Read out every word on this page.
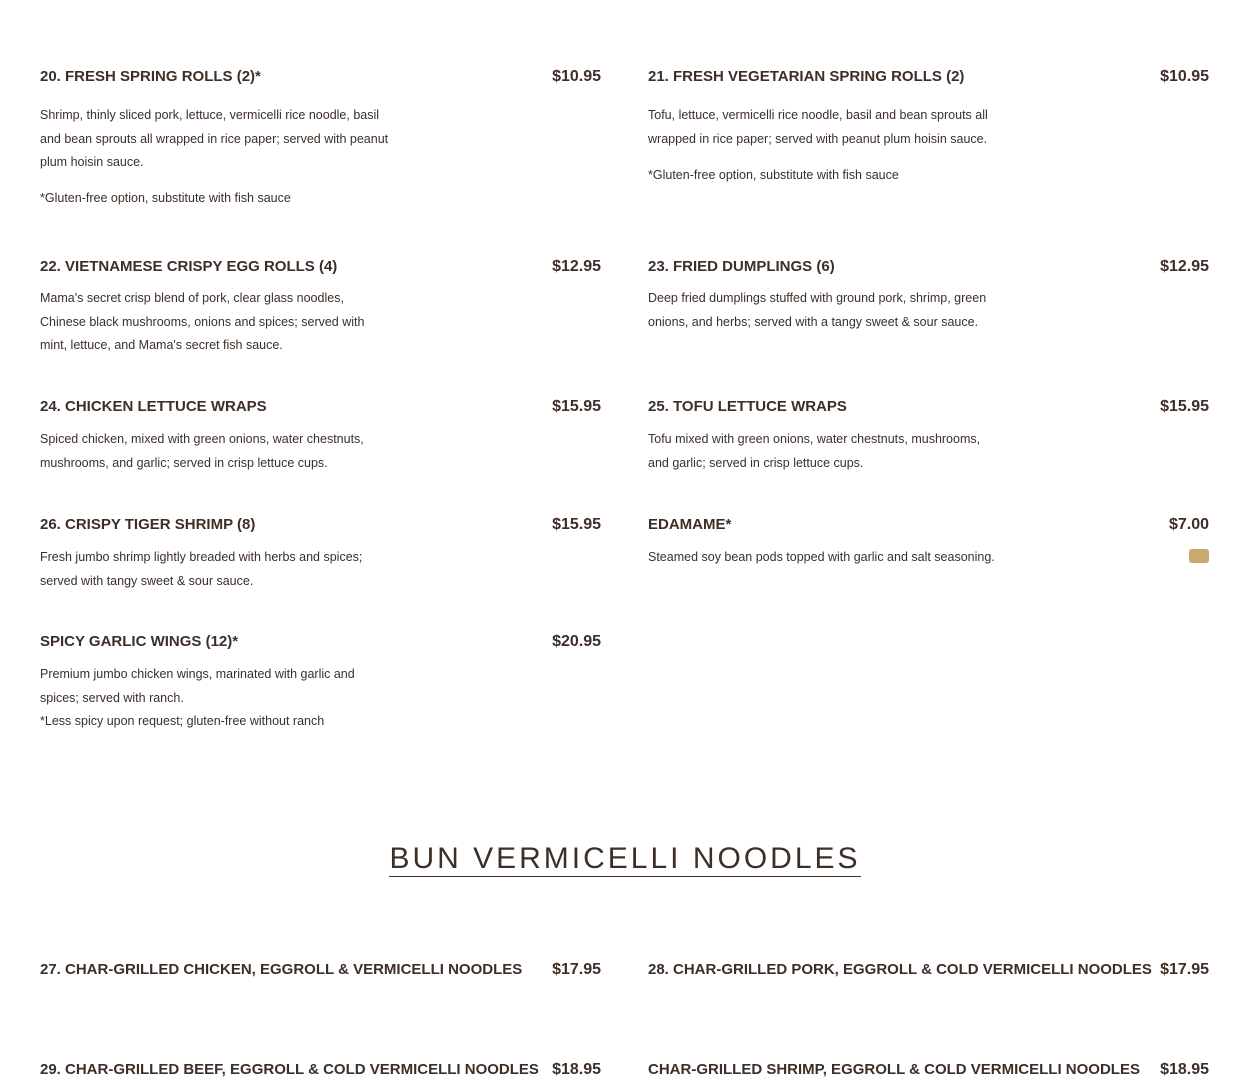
20. FRESH SPRING ROLLS (2)*	$10.95
Shrimp, thinly sliced pork, lettuce, vermicelli rice noodle, basil and bean sprouts all wrapped in rice paper; served with peanut plum hoisin sauce.
*Gluten-free option, substitute with fish sauce
21. FRESH VEGETARIAN SPRING ROLLS (2)	$10.95
Tofu, lettuce, vermicelli rice noodle, basil and bean sprouts all wrapped in rice paper; served with peanut plum hoisin sauce.
*Gluten-free option, substitute with fish sauce
22. VIETNAMESE CRISPY EGG ROLLS (4)	$12.95
Mama's secret crisp blend of pork, clear glass noodles, Chinese black mushrooms, onions and spices; served with mint, lettuce, and Mama's secret fish sauce.
23. FRIED DUMPLINGS (6)	$12.95
Deep fried dumplings stuffed with ground pork, shrimp, green onions, and herbs; served with a tangy sweet & sour sauce.
24. CHICKEN LETTUCE WRAPS	$15.95
Spiced chicken, mixed with green onions, water chestnuts, mushrooms, and garlic; served in crisp lettuce cups.
25. TOFU LETTUCE WRAPS	$15.95
Tofu mixed with green onions, water chestnuts, mushrooms, and garlic; served in crisp lettuce cups.
26. CRISPY TIGER SHRIMP (8)	$15.95
Fresh jumbo shrimp lightly breaded with herbs and spices; served with tangy sweet & sour sauce.
EDAMAME*	$7.00
Steamed soy bean pods topped with garlic and salt seasoning.
SPICY GARLIC WINGS (12)*	$20.95
Premium jumbo chicken wings, marinated with garlic and spices; served with ranch.
*Less spicy upon request; gluten-free without ranch
BUN VERMICELLI NOODLES
27. CHAR-GRILLED CHICKEN, EGGROLL & VERMICELLI NOODLES $17.95	28. CHAR-GRILLED PORK, EGGROLL & COLD VERMICELLI NOODLES $17.95
29. CHAR-GRILLED BEEF, EGGROLL & COLD VERMICELLI NOODLES $18.95	CHAR-GRILLED SHRIMP, EGGROLL & COLD VERMICELLI NOODLES $18.95
